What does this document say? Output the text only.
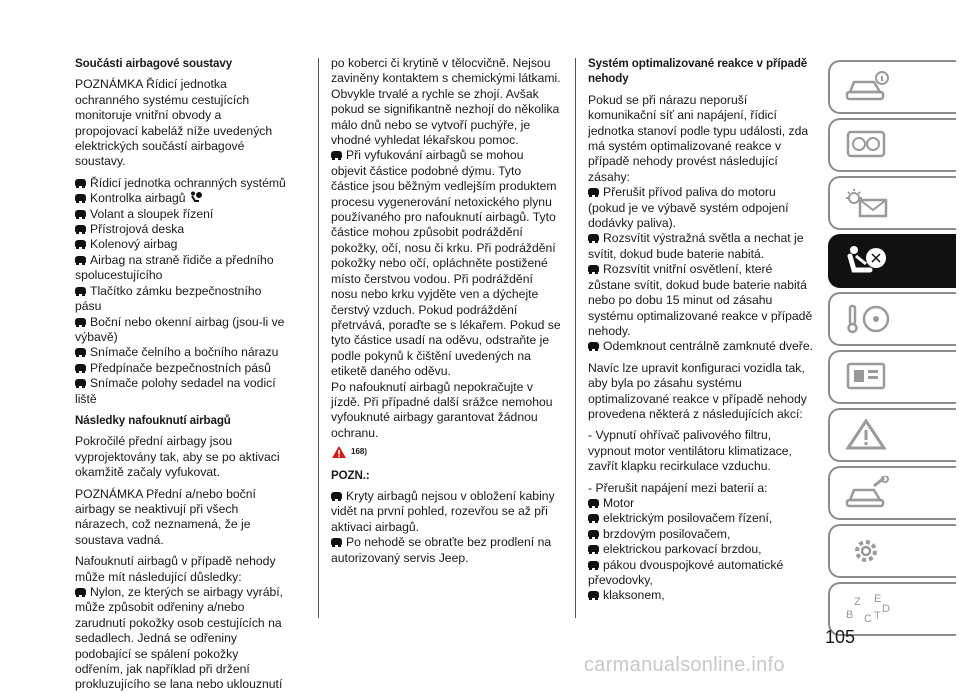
Součásti airbagové soustavy
POZNÁMKA Řídicí jednotka ochranného systému cestujících monitoruje vnitřní obvody a propojovací kabeláž níže uvedených elektrických součástí airbagové soustavy.
Řídicí jednotka ochranných systémů
Kontrolka airbagů
Volant a sloupek řízení
Přístrojová deska
Kolenový airbag
Airbag na straně řidiče a předního spolucestujícího
Tlačítko zámku bezpečnostního pásu
Boční nebo okenní airbag (jsou-li ve výbavě)
Snímače čelního a bočního nárazu
Předpínače bezpečnostních pásů
Snímače polohy sedadel na vodicí liště
Následky nafouknutí airbagů
Pokročilé přední airbagy jsou vyprojektovány tak, aby se po aktivaci okamžitě začaly vyfukovat.
POZNÁMKA Přední a/nebo boční airbagy se neaktivují při všech nárazech, což neznamená, že je soustava vadná.
Nafouknutí airbagů v případě nehody může mít následující důsledky:
Nylon, ze kterých se airbagy vyrábí, může způsobit odřeniny a/nebo zarudnutí pokožky osob cestujících na sedadlech. Jedná se odřeniny podobající se spálení pokožky odřením, jak například při držení prokluzujícího se lana nebo uklouznutí
po koberci či krytině v tělocvičně. Nejsou zaviněny kontaktem s chemickými látkami. Obvykle trvalé a rychle se zhojí. Avšak pokud se signifikantně nezhojí do několika málo dnů nebo se vytvoří puchýře, je vhodné vyhledat lékařskou pomoc.
Při vyfukování airbagů se mohou objevit částice podobné dýmu. Tyto částice jsou běžným vedlejším produktem procesu vygenerování netoxického plynu používaného pro nafouknutí airbagů. Tyto částice mohou způsobit podráždění pokožky, očí, nosu či krku. Při podráždění pokožky nebo očí, opláchněte postižené místo čerstvou vodou. Při podráždění nosu nebo krku vyjděte ven a dýchejte čerstvý vzduch. Pokud podráždění přetrvává, poraďte se s lékařem. Pokud se tyto částice usadí na oděvu, odstraňte je podle pokynů k čištění uvedených na etiketě daného oděvu.
Po nafouknutí airbagů nepokračujte v jízdě. Při případné další srážce nemohou vyfouknuté airbagy garantovat žádnou ochranu.
168)
POZN.:
Kryty airbagů nejsou v obložení kabiny vidět na první pohled, rozevřou se až při aktivaci airbagů.
Po nehodě se obraťte bez prodlení na autorizovaný servis Jeep.
Systém optimalizované reakce v případě nehody
Pokud se při nárazu neporuší komunikační síť ani napájení, řídicí jednotka stanoví podle typu události, zda má systém optimalizované reakce v případě nehody provést následující zásahy:
Přerušit přívod paliva do motoru (pokud je ve výbavě systém odpojení dodávky paliva).
Rozsvítit výstražná světla a nechat je svítit, dokud bude baterie nabitá.
Rozsvítit vnitřní osvětlení, které zůstane svítit, dokud bude baterie nabitá nebo po dobu 15 minut od zásahu systému optimalizované reakce v případě nehody.
Odemknout centrálně zamknuté dveře.
Navíc lze upravit konfiguraci vozidla tak, aby byla po zásahu systému optimalizované reakce v případě nehody provedena některá z následujících akcí:
- Vypnutí ohřívač palivového filtru, vypnout motor ventilátoru klimatizace, zavřít klapku recirkulace vzduchu.
- Přerušit napájení mezi baterií a:
Motor
elektrickým posilovačem řízení,
brzdovým posilovačem,
elektrickou parkovací brzdou,
pákou dvouspojkové automatické převodovky,
klaksonem,	Z E
B C T
D
105
carmanualsonline.info
